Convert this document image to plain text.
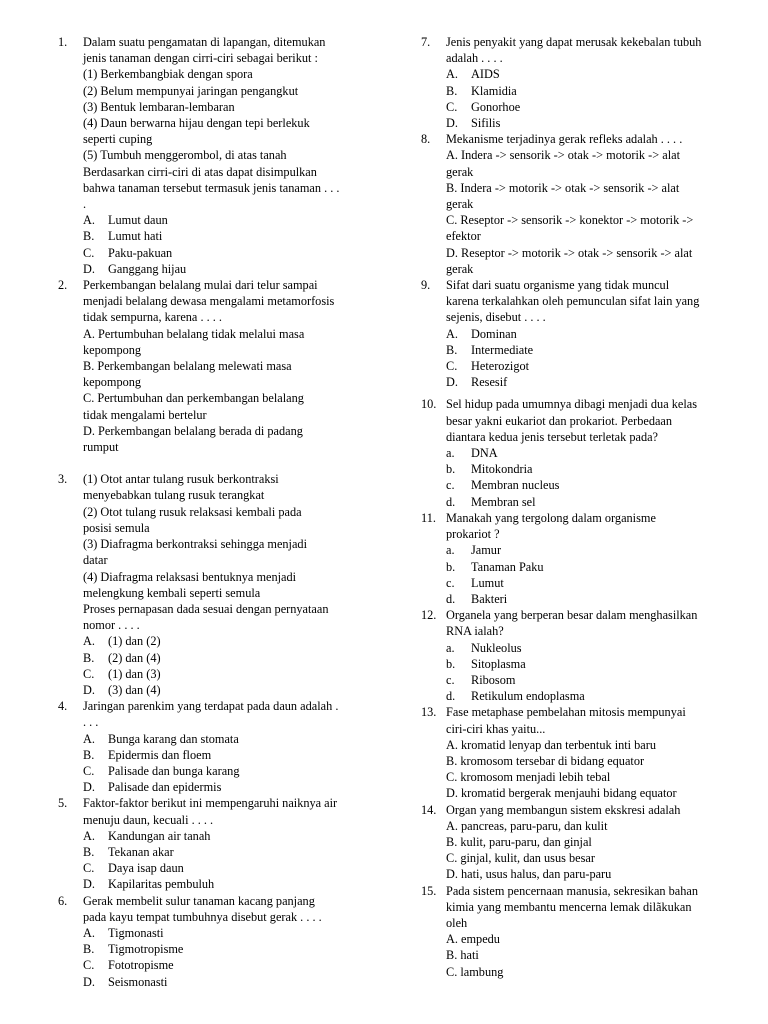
1. Dalam suatu pengamatan di lapangan, ditemukan
jenis tanaman dengan cirri-ciri sebagai berikut :
(1) Berkembangbiak dengan spora
(2) Belum mempunyai jaringan pengangkut
(3) Bentuk lembaran-lembaran
(4) Daun berwarna hijau dengan tepi berlekuk
seperti cuping
(5) Tumbuh menggerombol, di atas tanah
Berdasarkan cirri-ciri di atas dapat disimpulkan
bahwa tanaman tersebut termasuk jenis tanaman . . .
.
A. Lumut daun
B. Lumut hati
C. Paku-pakuan
D. Ganggang hijau
2. Perkembangan belalang mulai dari telur sampai
menjadi belalang dewasa mengalami metamorfosis
tidak sempurna, karena . . . .
A. Pertumbuhan belalang tidak melalui masa
kepompong
B. Perkembangan belalang melewati masa
kepompong
C. Pertumbuhan dan perkembangan belalang
tidak mengalami bertelur
D. Perkembangan belalang berada di padang
rumput
3. (1) Otot antar tulang rusuk berkontraksi
menyebabkan tulang rusuk terangkat
(2) Otot tulang rusuk relaksasi kembali pada
posisi semula
(3) Diafragma berkontraksi sehingga menjadi
datar
(4) Diafragma relaksasi bentuknya menjadi
melengkung kembali seperti semula
Proses pernapasan dada sesuai dengan pernyataan
nomor . . . .
A. (1) dan (2)
B. (2) dan (4)
C. (1) dan (3)
D. (3) dan (4)
4. Jaringan parenkim yang terdapat pada daun adalah .
. . .
A. Bunga karang dan stomata
B. Epidermis dan floem
C. Palisade dan bunga karang
D. Palisade dan epidermis
5. Faktor-faktor berikut ini mempengaruhi naiknya air
menuju daun, kecuali . . . .
A. Kandungan air tanah
B. Tekanan akar
C. Daya isap daun
D. Kapilaritas pembuluh
6. Gerak membelit sulur tanaman kacang panjang
pada kayu tempat tumbuhnya disebut gerak . . . .
A. Tigmonasti
B. Tigmotropisme
C. Fototropisme
D. Seismonasti
7. Jenis penyakit yang dapat merusak kekebalan tubuh
adalah . . . .
A. AIDS
B. Klamidia
C. Gonorhoe
D. Sifilis
8. Mekanisme terjadinya gerak refleks adalah . . . .
A. Indera -> sensorik -> otak -> motorik -> alat
gerak
B. Indera -> motorik -> otak -> sensorik -> alat
gerak
C. Reseptor -> sensorik -> konektor -> motorik ->
efektor
D. Reseptor -> motorik -> otak -> sensorik -> alat
gerak
9. Sifat dari suatu organisme yang tidak muncul
karena terkalahkan oleh pemunculan sifat lain yang
sejenis, disebut . . . .
A. Dominan
B. Intermediate
C. Heterozigot
D. Resesif
10. Sel hidup pada umumnya dibagi menjadi dua kelas
besar yakni eukariot dan prokariot. Perbedaan
diantara kedua jenis tersebut terletak pada?
a. DNA
b. Mitokondria
c. Membran nucleus
d. Membran sel
11. Manakah yang tergolong dalam organisme
prokariot ?
a. Jamur
b. Tanaman Paku
c. Lumut
d. Bakteri
12. Organela yang berperan besar dalam menghasilkan
RNA ialah?
a. Nukleolus
b. Sitoplasma
c. Ribosom
d. Retikulum endoplasma
13. Fase metaphase pembelahan mitosis mempunyai
ciri-ciri khas yaitu...
A. kromatid lenyap dan terbentuk inti baru
B. kromosom tersebar di bidang equator
C. kromosom menjadi lebih tebal
D. kromatid bergerak menjauhi bidang equator
14. Organ yang membangun sistem ekskresi adalah
A. pancreas, paru-paru, dan kulit
B. kulit, paru-paru, dan ginjal
C. ginjal, kulit, dan usus besar
D. hati, usus halus, dan paru-paru
15. Pada sistem pencernaan manusia, sekresikan bahan
kimia yang membantu mencerna lemak dilãkukan
oleh
A. empedu
B. hati
C. lambung
